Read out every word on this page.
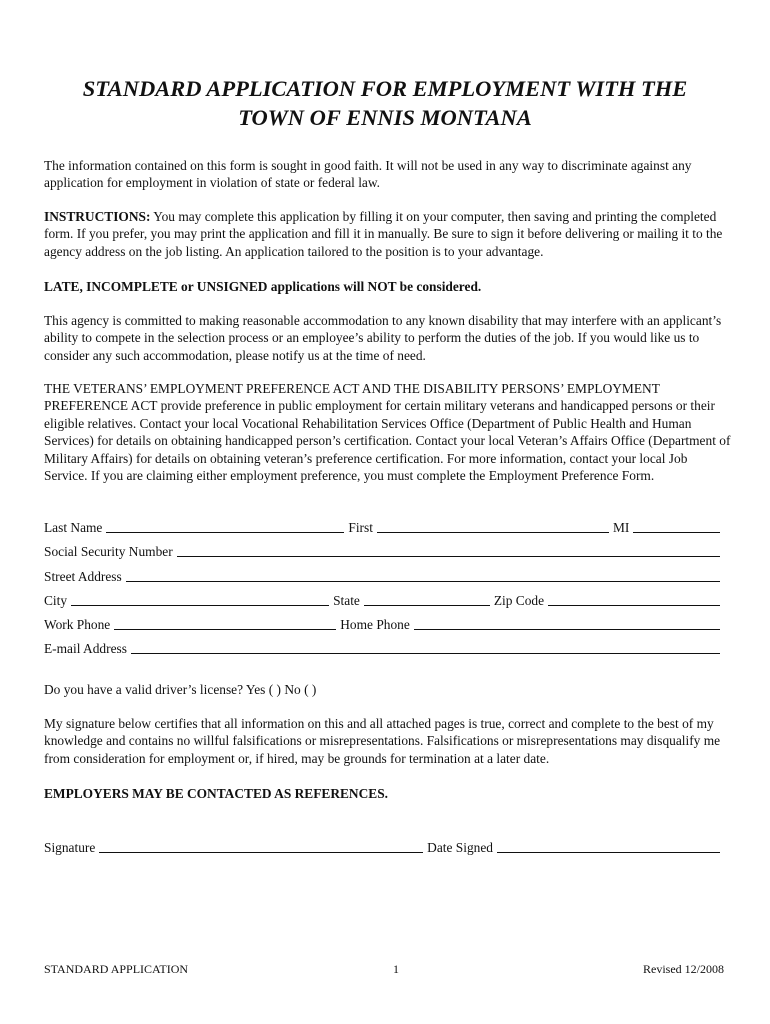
STANDARD APPLICATION FOR EMPLOYMENT WITH THE
TOWN OF ENNIS MONTANA
The information contained on this form is sought in good faith. It will not be used in any way to discriminate against any application for employment in violation of state or federal law.
INSTRUCTIONS: You may complete this application by filling it on your computer, then saving and printing the completed form. If you prefer, you may print the application and fill it in manually. Be sure to sign it before delivering or mailing it to the agency address on the job listing. An application tailored to the position is to your advantage.
LATE, INCOMPLETE or UNSIGNED applications will NOT be considered.
This agency is committed to making reasonable accommodation to any known disability that may interfere with an applicant’s ability to compete in the selection process or an employee’s ability to perform the duties of the job. If you would like us to consider any such accommodation, please notify us at the time of need.
THE VETERANS’ EMPLOYMENT PREFERENCE ACT AND THE DISABILITY PERSONS’ EMPLOYMENT PREFERENCE ACT provide preference in public employment for certain military veterans and handicapped persons or their eligible relatives. Contact your local Vocational Rehabilitation Services Office (Department of Public Health and Human Services) for details on obtaining handicapped person’s certification. Contact your local Veteran’s Affairs Office (Department of Military Affairs) for details on obtaining veteran’s preference certification. For more information, contact your local Job Service. If you are claiming either employment preference, you must complete the Employment Preference Form.
Last Name	First	MI
Social Security Number
Street Address
City	State	Zip Code
Work Phone	Home Phone
E-mail Address
Do you have a valid driver’s license? Yes ( ) No ( )
My signature below certifies that all information on this and all attached pages is true, correct and complete to the best of my knowledge and contains no willful falsifications or misrepresentations. Falsifications or misrepresentations may disqualify me from consideration for employment or, if hired, may be grounds for termination at a later date.
EMPLOYERS MAY BE CONTACTED AS REFERENCES.
Signature	Date Signed
STANDARD APPLICATION	1	Revised 12/2008
